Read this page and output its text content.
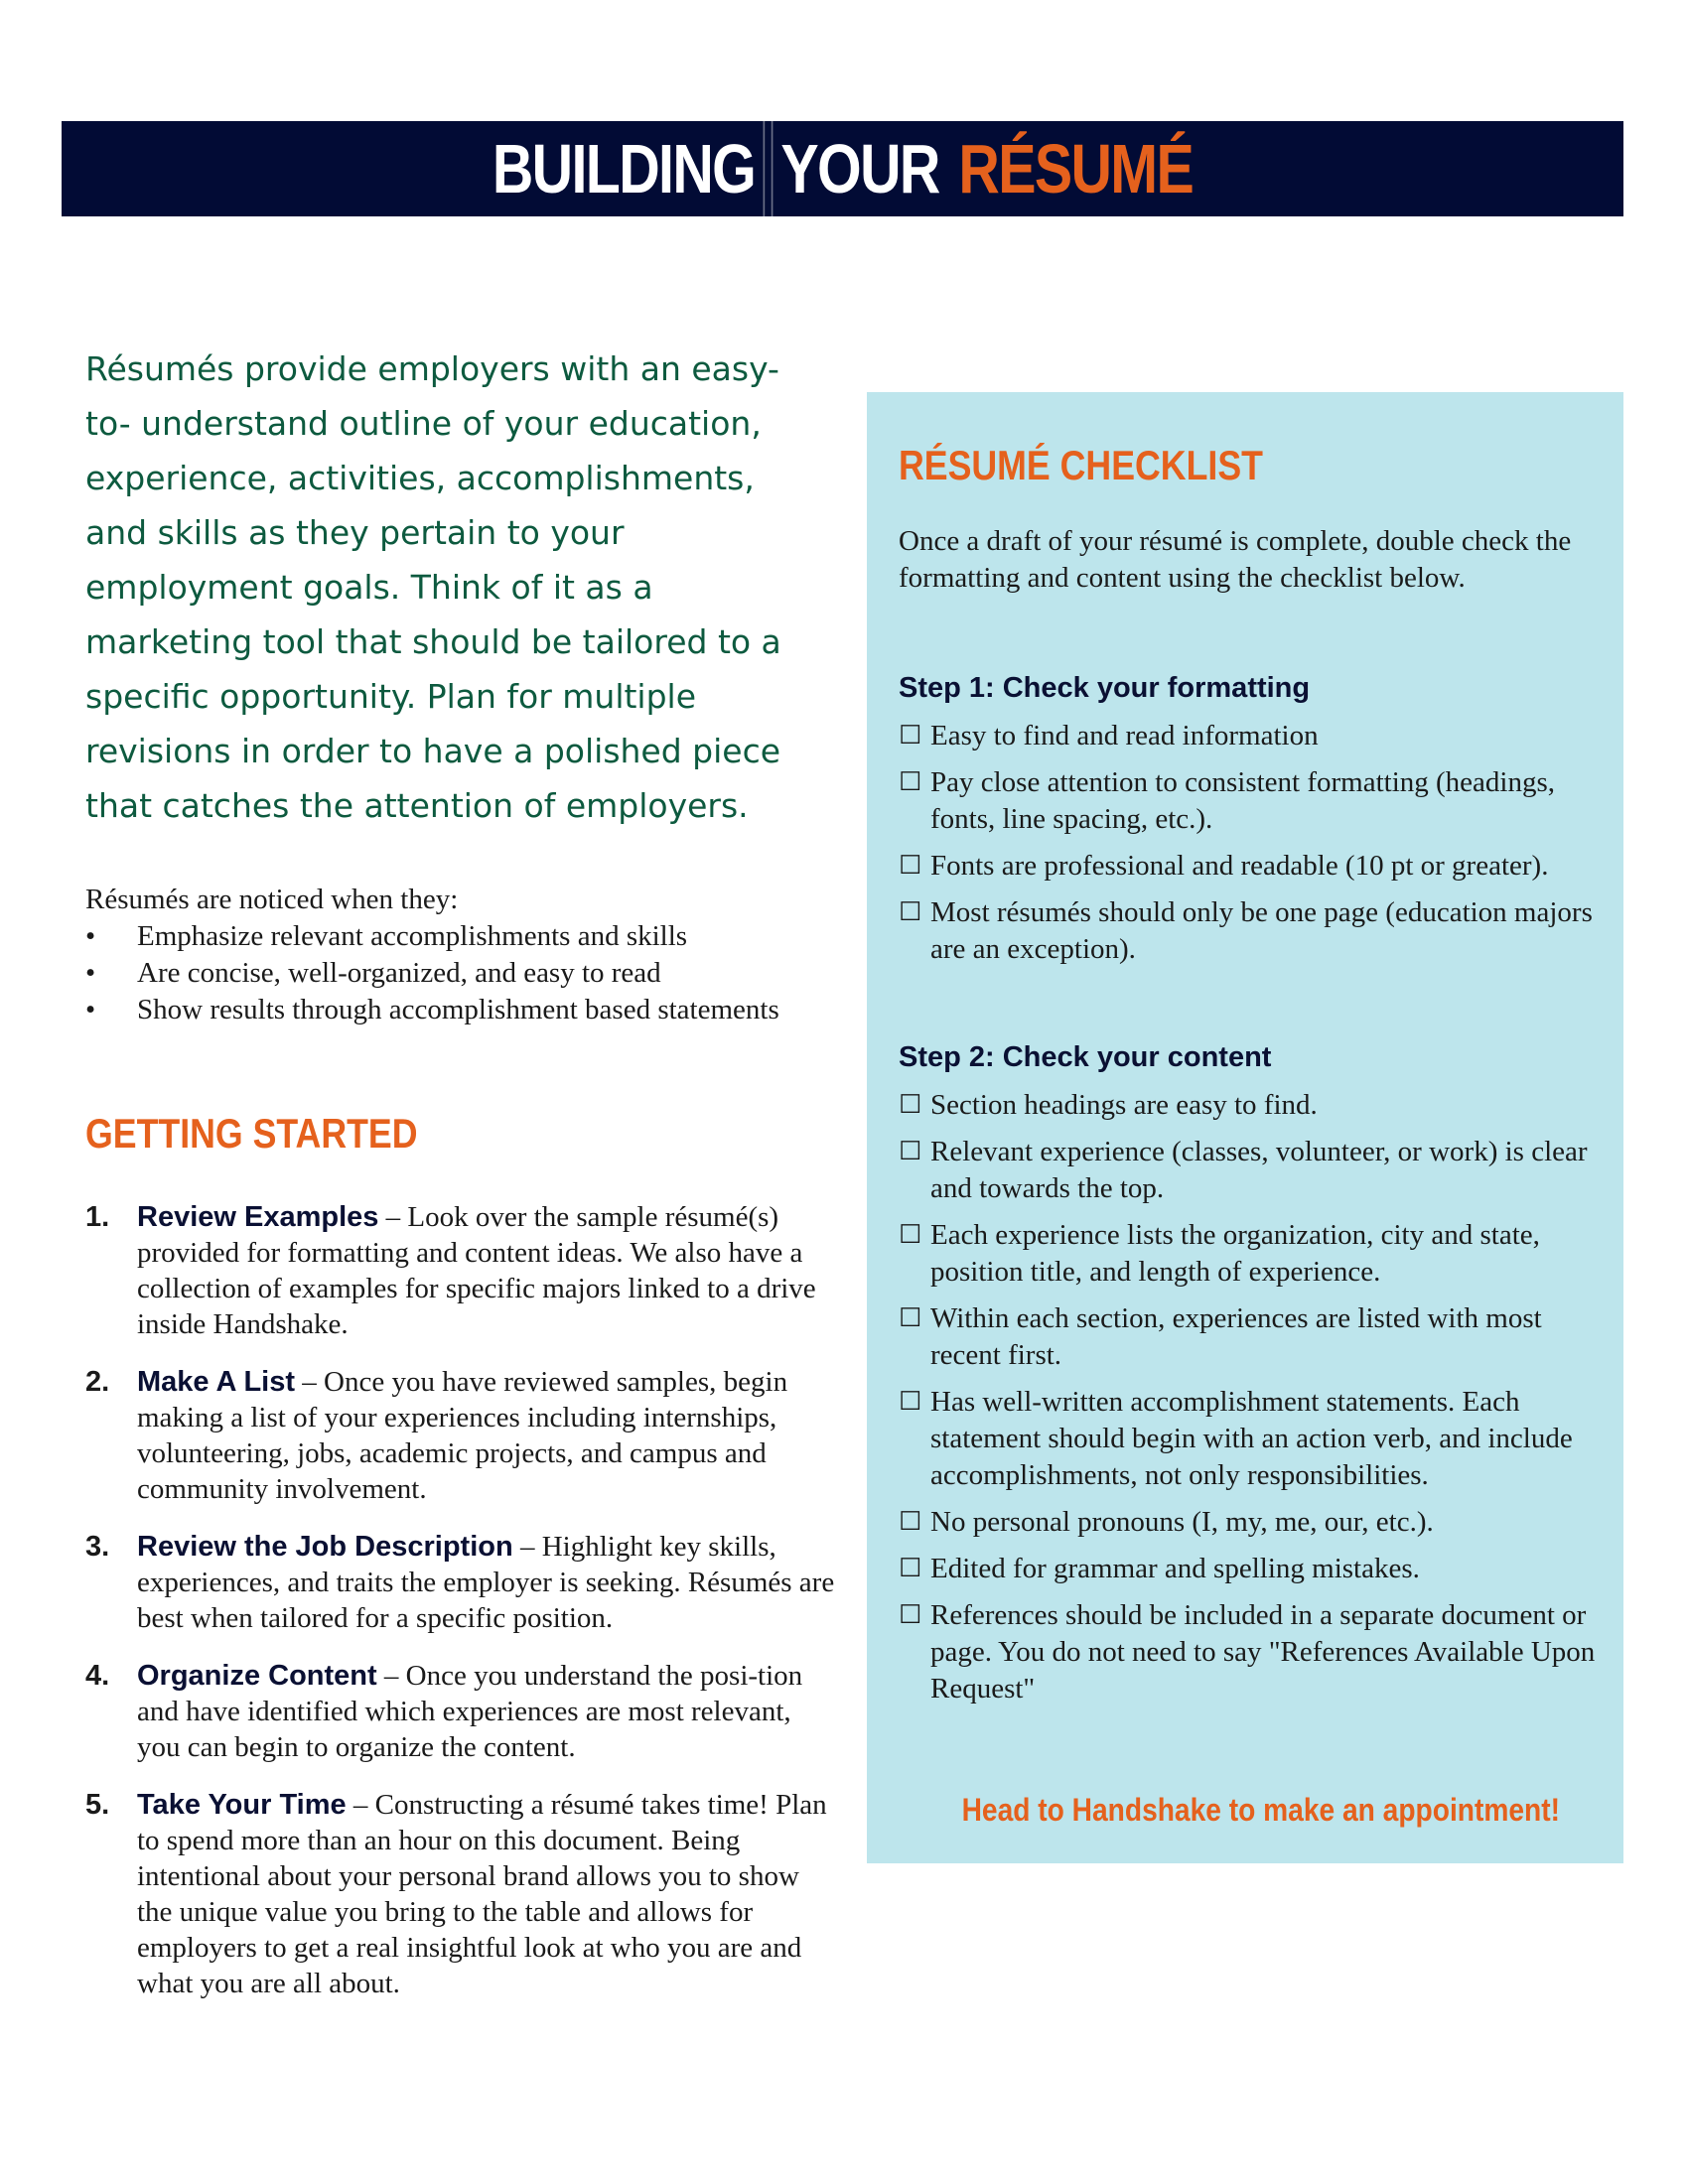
BUILDING YOUR RÉSUMÉ

Résumés provide employers with an easy-to- understand outline of your education, experience, activities, accomplishments, and skills as they pertain to your employment goals. Think of it as a marketing tool that should be tailored to a specific opportunity. Plan for multiple revisions in order to have a polished piece that catches the attention of employers.

Résumés are noticed when they:

• Emphasize relevant accomplishments and skills
• Are concise, well-organized, and easy to read
• Show results through accomplishment based statements
GETTING STARTED
1. Review Examples – Look over the sample résumé(s) provided for formatting and content ideas. We also have a collection of examples for specific majors linked to a drive inside Handshake.
2. Make A List – Once you have reviewed samples, begin making a list of your experiences including internships, volunteering, jobs, academic projects, and campus and community involvement.
3. Review the Job Description – Highlight key skills, experiences, and traits the employer is seeking. Résumés are best when tailored for a specific position.
4. Organize Content – Once you understand the posi-tion and have identified which experiences are most relevant, you can begin to organize the content.
5. Take Your Time – Constructing a résumé takes time! Plan to spend more than an hour on this document. Being intentional about your personal brand allows you to show the unique value you bring to the table and allows for employers to get a real insightful look at who you are and what you are all about.
RÉSUMÉ CHECKLIST

Once a draft of your résumé is complete, double check the formatting and content using the checklist below.

Step 1: Check your formatting
☐ Easy to find and read information
☐ Pay close attention to consistent formatting (headings, fonts, line spacing, etc.).
☐ Fonts are professional and readable (10 pt or greater).
☐ Most résumés should only be one page (education majors are an exception).
Step 2: Check your content
☐ Section headings are easy to find.
☐ Relevant experience (classes, volunteer, or work) is clear and towards the top.
☐ Each experience lists the organization, city and state, position title, and length of experience.
☐ Within each section, experiences are listed with most recent first.
☐ Has well-written accomplishment statements. Each statement should begin with an action verb, and include accomplishments, not only responsibilities.
☐ No personal pronouns (I, my, me, our, etc.).
☐ Edited for grammar and spelling mistakes.
☐ References should be included in a separate document or page. You do not need to say "References Available Upon Request"

Head to Handshake to make an appointment!
